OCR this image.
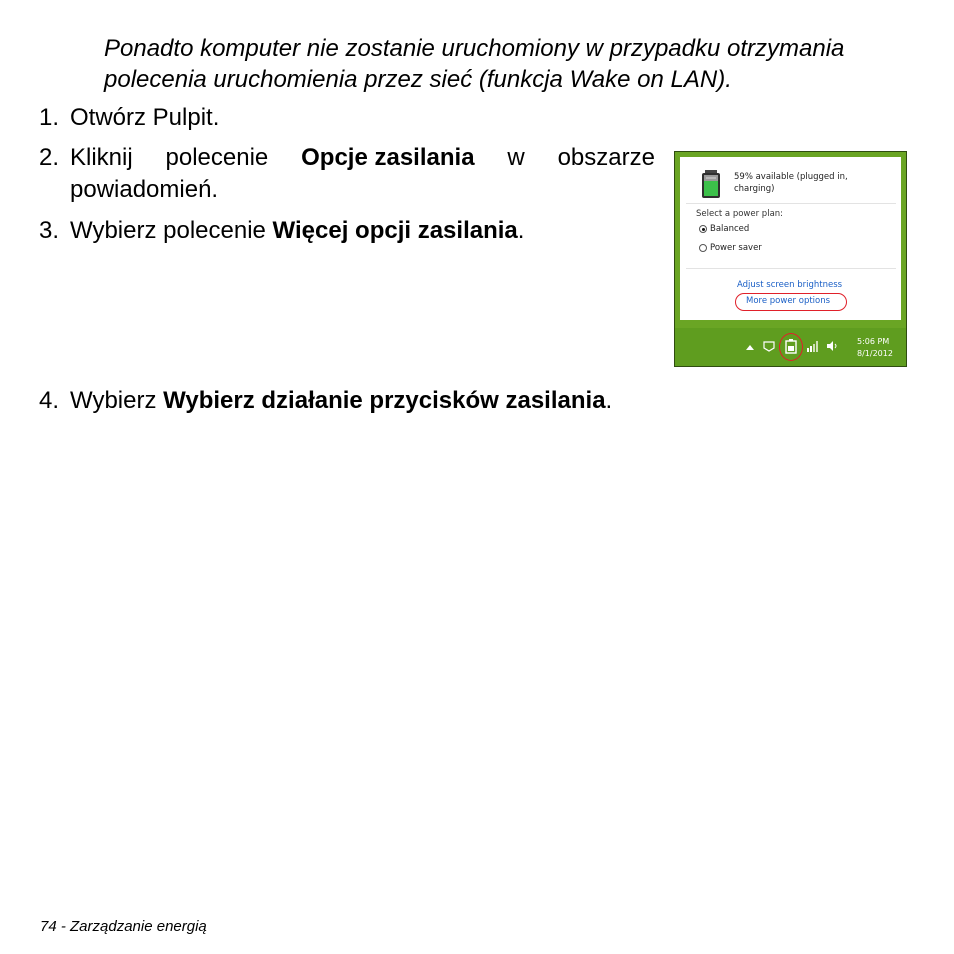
Ponadto komputer nie zostanie uruchomiony w przypadku otrzymania
polecenia uruchomienia przez sieć (funkcja Wake on LAN).
1. Otwórz Pulpit.
2. Kliknij polecenie Opcje zasilania w obszarze
powiadomień.
3. Wybierz polecenie Więcej opcji zasilania.
4. Wybierz Wybierz działanie przycisków zasilania.
59% available (plugged in,
charging)
Select a power plan:
Balanced
Power saver
Adjust screen brightness
More power options
5:06 PM
8/1/2012
74 - Zarządzanie energią
